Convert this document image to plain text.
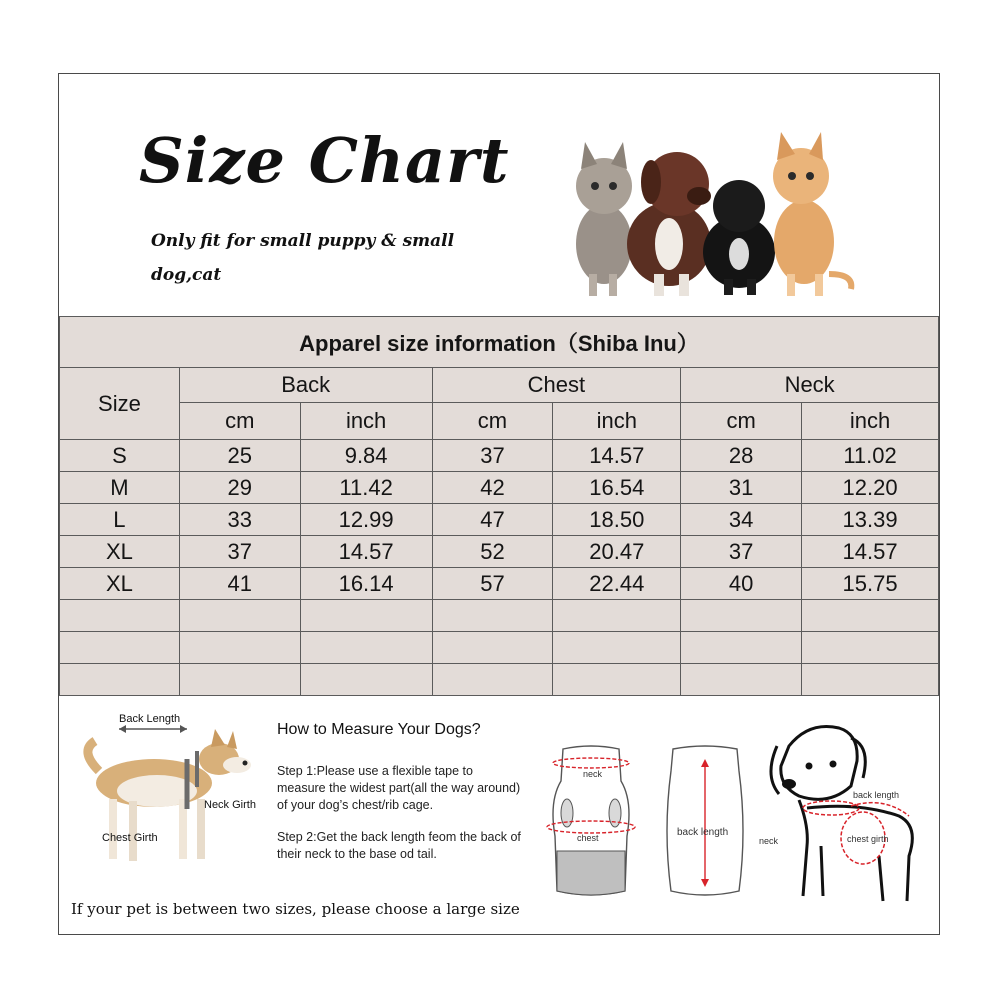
Size Chart
Only fit for small puppy & small dog,cat
Apparel size information（Shiba Inu）						
Size	Back		Chest		Neck	
	cm	inch	cm	inch	cm	inch
S	25	9.84	37	14.57	28	11.02
M	29	11.42	42	16.54	31	12.20
L	33	12.99	47	18.50	34	13.39
XL	37	14.57	52	20.47	37	14.57
XL	41	16.14	57	22.44	40	15.75

Back Length
Neck Girth
Chest Girth
How to Measure Your Dogs?
Step 1:Please use a flexible tape to measure the widest part(all the way around) of your dog’s chest/rib cage.
Step 2:Get the back length feom the back of their neck to the base od tail.
If your pet is between two sizes, please choose a large size
neck
chest	back length
back length
neck	chest girth
